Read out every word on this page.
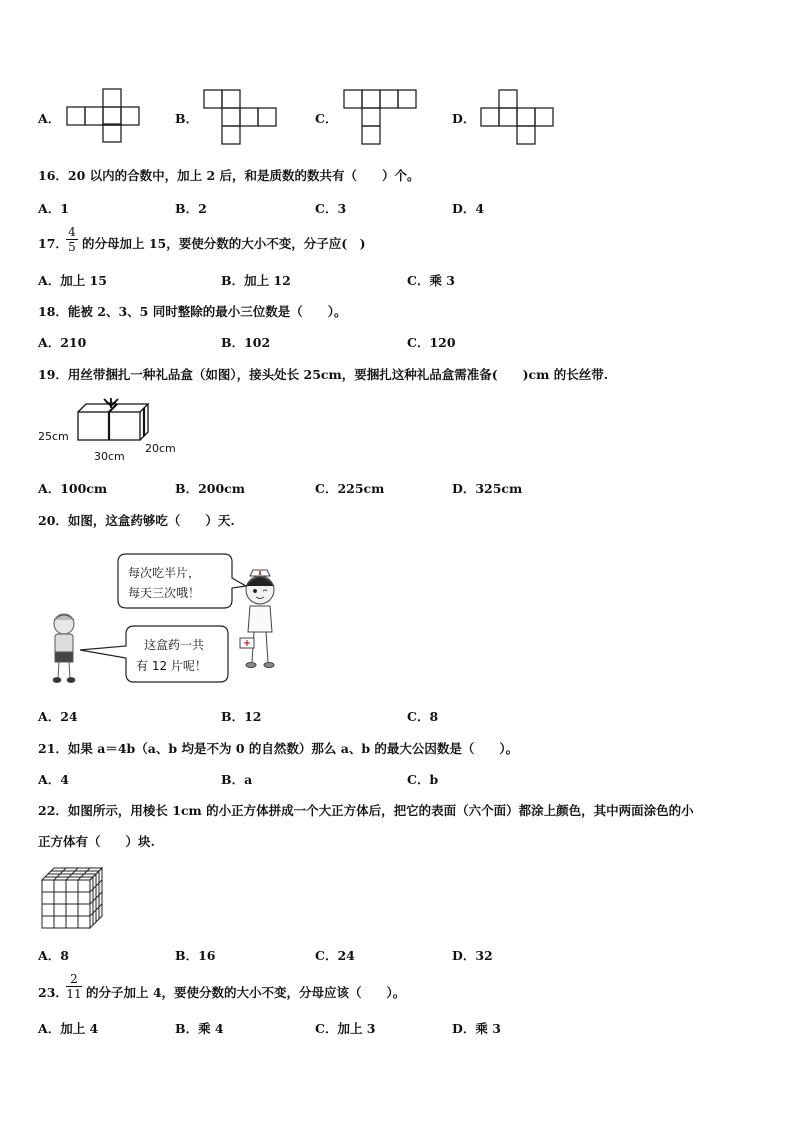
A．	B．	C．	D．
16．20 以内的合数中，加上 2 后，和是质数的数共有（　　）个。
A．1	B．2	C．3	D．4
17．
4
5 的分母加上 15，要使分数的大小不变，分子应(　)
A．加上 15	B．加上 12	C．乘 3
18．能被 2、3、5 同时整除的最小三位数是（　　）。
A．210	B．102	C．120
19．用丝带捆扎一种礼品盒（如图），接头处长 25cm，要捆扎这种礼品盒需准备(　　)cm 的长丝带.
25cm
30cm
20cm
A．100cm	B．200cm	C．225cm	D．325cm
20．如图，这盒药够吃（　　）天.
每次吃半片，
每天三次哦！
这盒药一共
有 12 片呢！
A．24	B．12	C．8
21．如果 a＝4b（a、b 均是不为 0 的自然数）那么 a、b 的最大公因数是（　　）。
A．4	B．a	C．b
22．如图所示，用棱长 1cm 的小正方体拼成一个大正方体后，把它的表面（六个面）都涂上颜色，其中两面涂色的小
正方体有（　　）块.
A．8	B．16	C．24	D．32
23．
2
11 的分子加上 4，要使分数的大小不变，分母应该（　　）。
A．加上 4	B．乘 4	C．加上 3	D．乘 3
